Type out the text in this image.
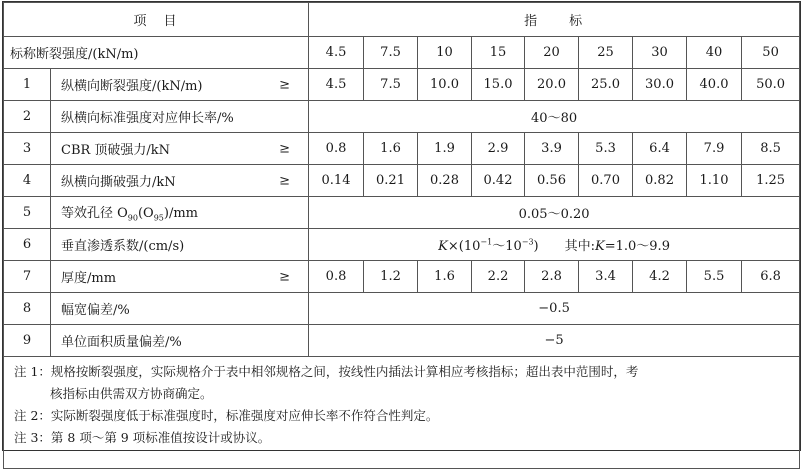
项　目		指　　标								
标称断裂强度/(kN/m)		4.5	7.5	10	15	20	25	30	40	50
1	纵横向断裂强度/(kN/m) ≥	4.5	7.5	10.0	15.0	20.0	25.0	30.0	40.0	50.0
2	纵横向标准强度对应伸长率/%	40～80								
3	CBR 顶破强力/kN ≥	0.8	1.6	1.9	2.9	3.9	5.3	6.4	7.9	8.5
4	纵横向撕破强力/kN ≥	0.14	0.21	0.28	0.42	0.56	0.70	0.82	1.10	1.25
5	等效孔径 $O_{90}(O_{95})/mm$	0.05～0.20								
6	垂直渗透系数/(cm/s)	$K\times(10^{-1}\sim 10^{-3})$　　其中:K=1.0～9.9								
7	厚度/mm ≥	0.8	1.2	1.6	2.2	2.8	3.4	4.2	5.5	6.8
8	幅宽偏差/%	−0.5								
9	单位面积质量偏差/%	−5								

注 1：规格按断裂强度，实际规格介于表中相邻规格之间，按线性内插法计算相应考核指标；超出表中范围时，考
核指标由供需双方协商确定。

注 2：实际断裂强度低于标准强度时，标准强度对应伸长率不作符合性判定。

注 3：第 8 项～第 9 项标准值按设计或协议。										
